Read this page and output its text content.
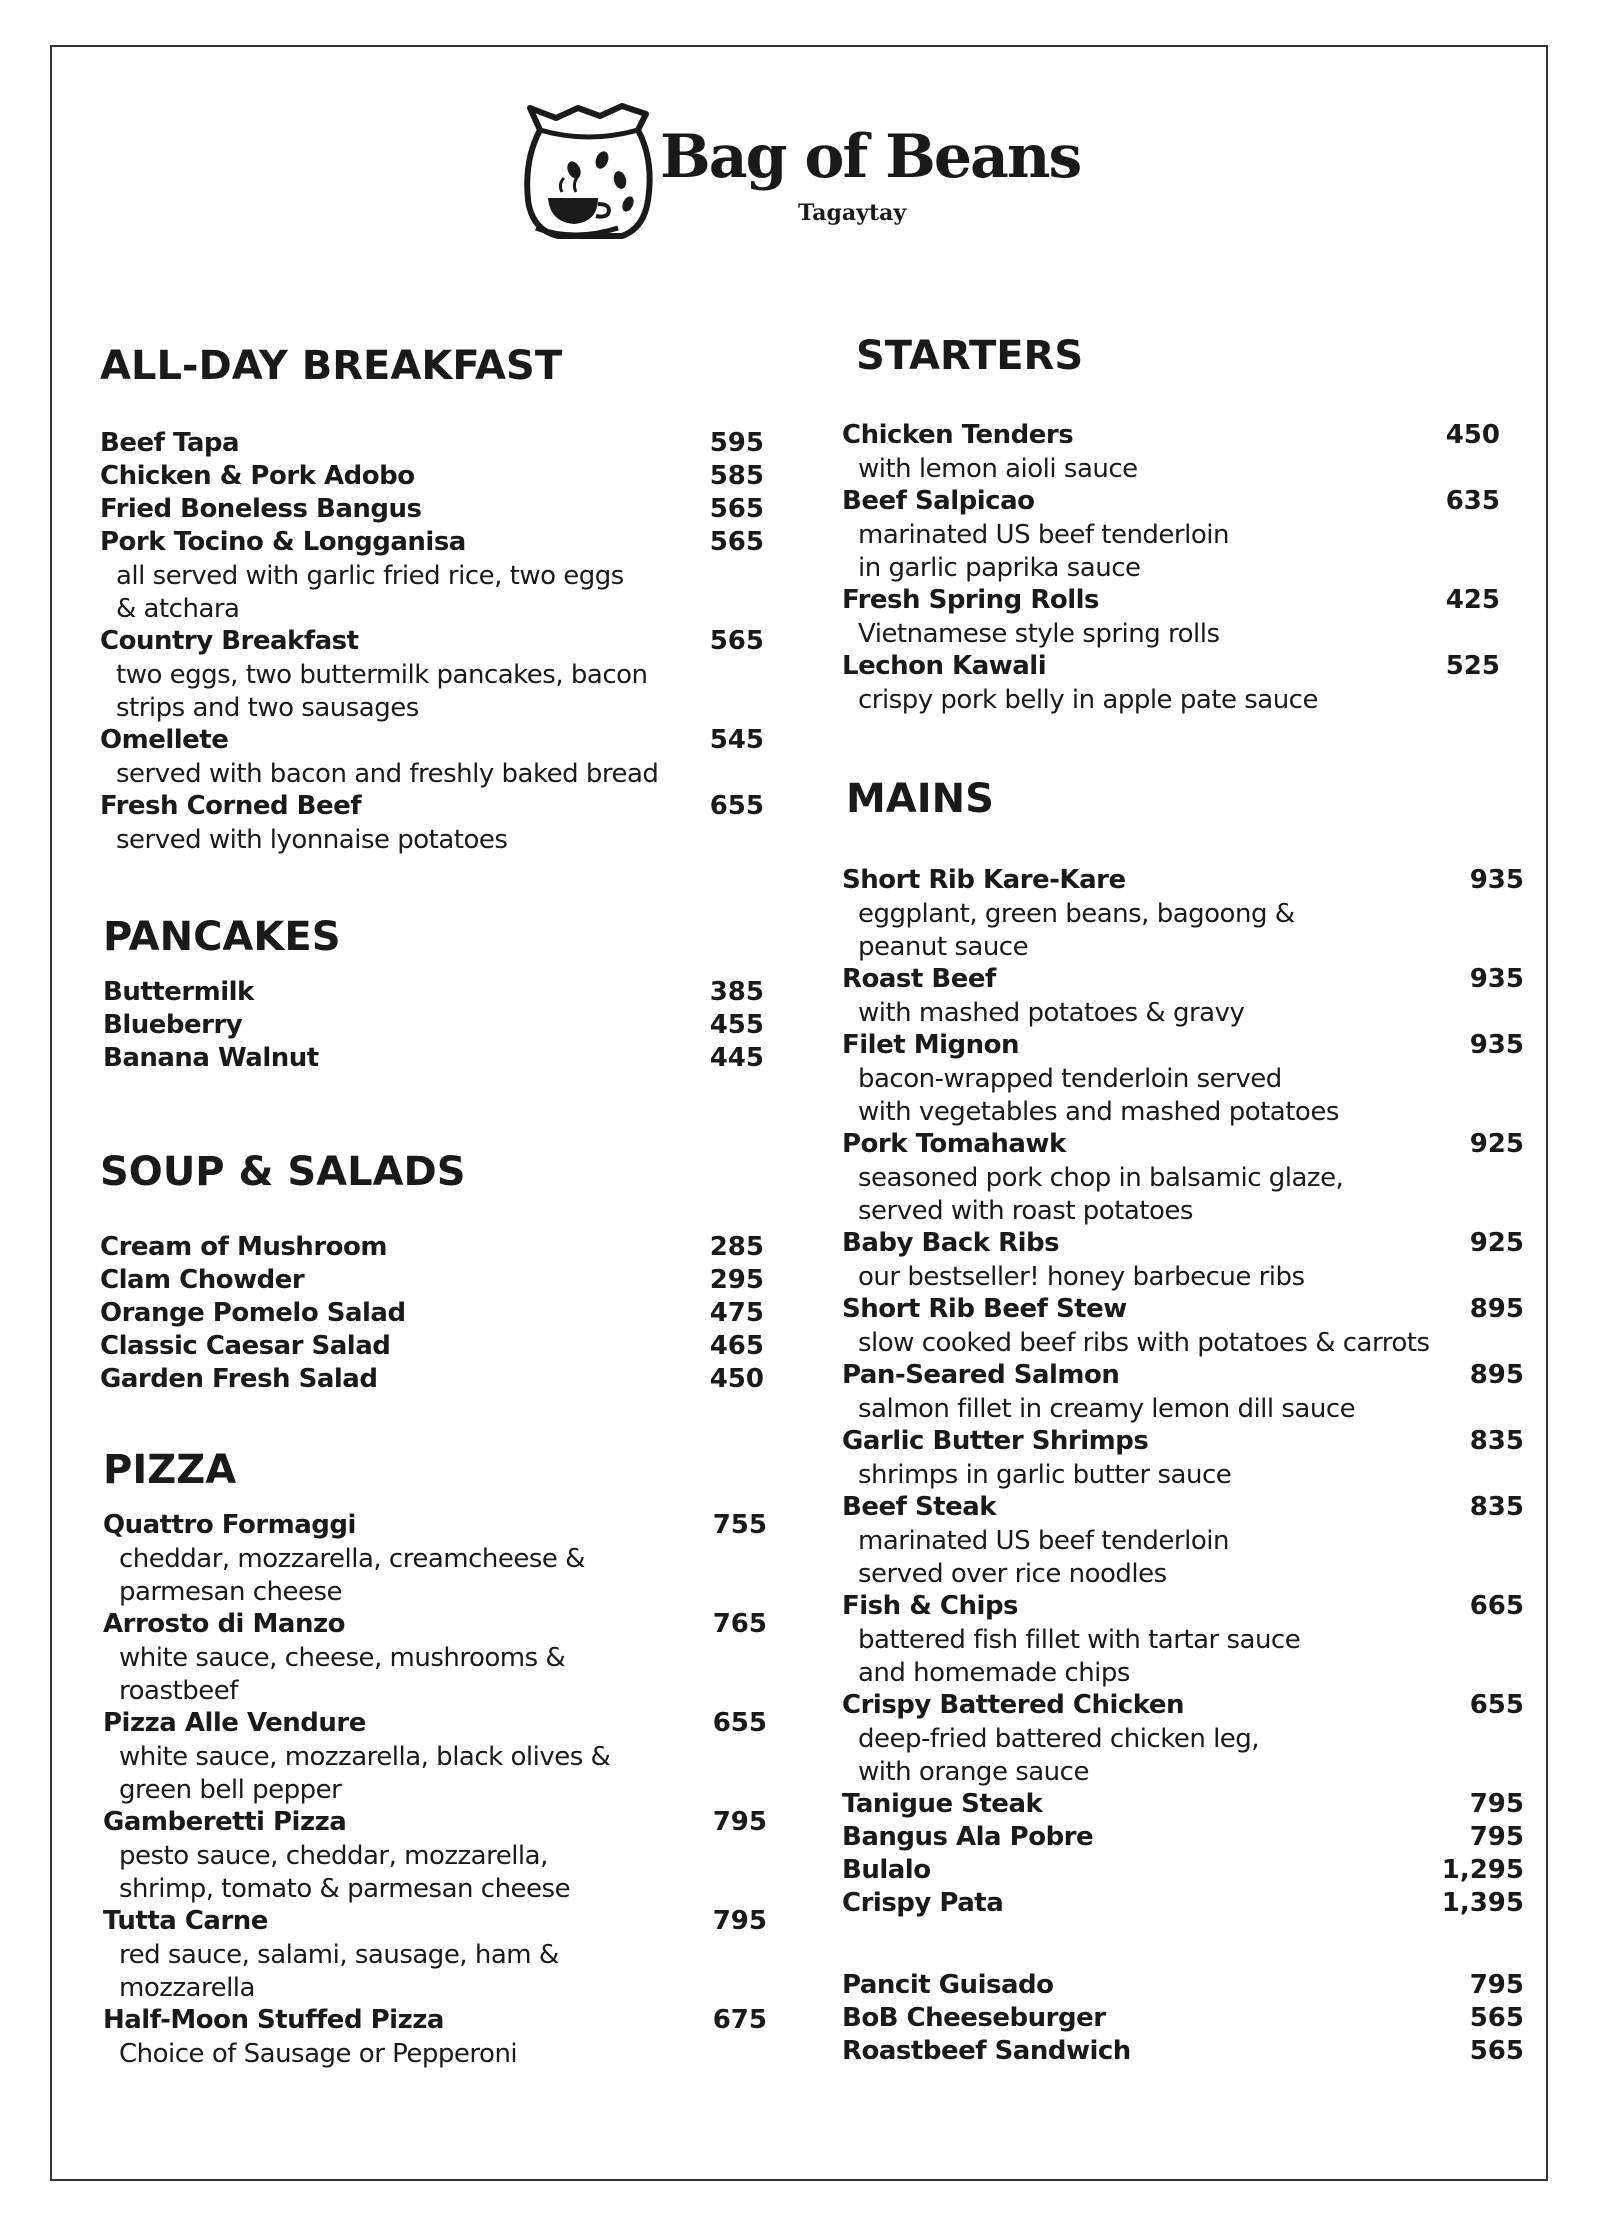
Bag of Beans
Tagaytay
ALL-DAY BREAKFAST
Beef Tapa	595
Chicken & Pork Adobo	585
Fried Boneless Bangus	565
Pork Tocino & Longganisa	565
all served with garlic fried rice, two eggs
& atchara
Country Breakfast	565
two eggs, two buttermilk pancakes, bacon
strips and two sausages
Omellete	545
served with bacon and freshly baked bread
Fresh Corned Beef	655
served with lyonnaise potatoes
PANCAKES
Buttermilk	385
Blueberry	455
Banana Walnut	445
SOUP & SALADS
Cream of Mushroom	285
Clam Chowder	295
Orange Pomelo Salad	475
Classic Caesar Salad	465
Garden Fresh Salad	450
PIZZA
Quattro Formaggi	755
cheddar, mozzarella, creamcheese &
parmesan cheese
Arrosto di Manzo	765
white sauce, cheese, mushrooms &
roastbeef
Pizza Alle Vendure	655
white sauce, mozzarella, black olives &
green bell pepper
Gamberetti Pizza	795
pesto sauce, cheddar, mozzarella,
shrimp, tomato & parmesan cheese
Tutta Carne	795
red sauce, salami, sausage, ham &
mozzarella
Half-Moon Stuffed Pizza	675
Choice of Sausage or Pepperoni
STARTERS
Chicken Tenders	450
with lemon aioli sauce
Beef Salpicao	635
marinated US beef tenderloin
in garlic paprika sauce
Fresh Spring Rolls	425
Vietnamese style spring rolls
Lechon Kawali	525
crispy pork belly in apple pate sauce
MAINS
Short Rib Kare-Kare	935
eggplant, green beans, bagoong &
peanut sauce
Roast Beef	935
with mashed potatoes & gravy
Filet Mignon	935
bacon-wrapped tenderloin served
with vegetables and mashed potatoes
Pork Tomahawk	925
seasoned pork chop in balsamic glaze,
served with roast potatoes
Baby Back Ribs	925
our bestseller! honey barbecue ribs
Short Rib Beef Stew	895
slow cooked beef ribs with potatoes & carrots
Pan-Seared Salmon	895
salmon fillet in creamy lemon dill sauce
Garlic Butter Shrimps	835
shrimps in garlic butter sauce
Beef Steak	835
marinated US beef tenderloin
served over rice noodles
Fish & Chips	665
battered fish fillet with tartar sauce
and homemade chips
Crispy Battered Chicken	655
deep-fried battered chicken leg,
with orange sauce
Tanigue Steak	795
Bangus Ala Pobre	795
Bulalo	1,295
Crispy Pata	1,395
Pancit Guisado	795
BoB Cheeseburger	565
Roastbeef Sandwich	565
